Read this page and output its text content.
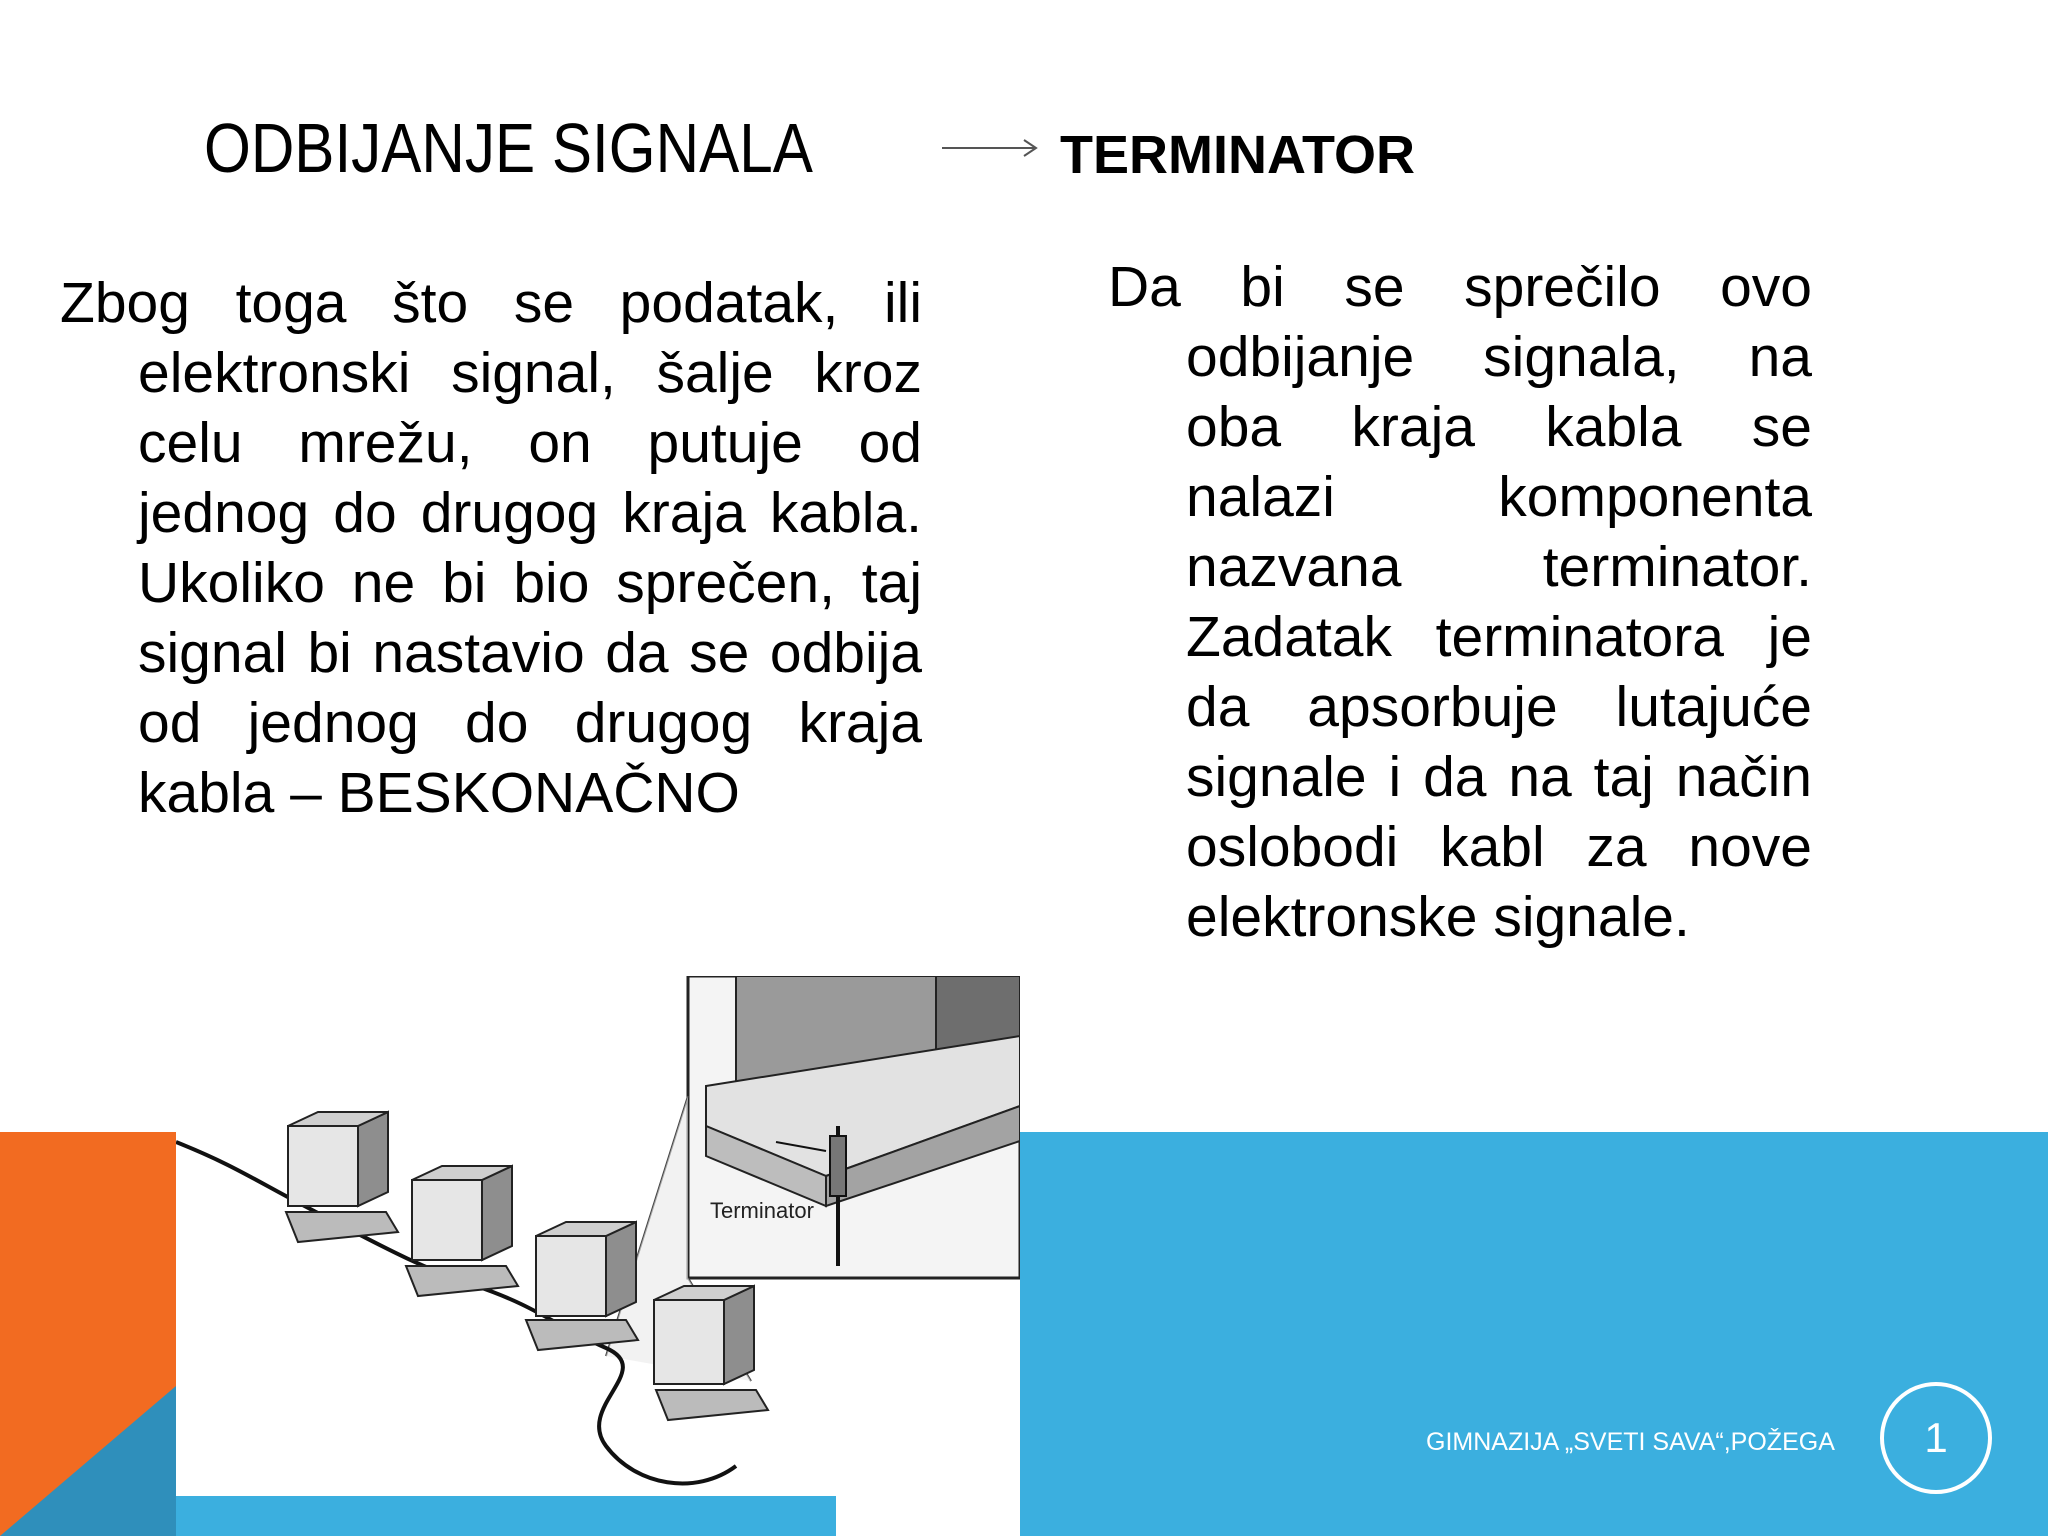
ODBIJANJE SIGNALA	TERMINATOR

Zbog toga što se podatak, ili elektronski signal, šalje kroz celu mrežu, on putuje od jednog do drugog kraja kabla. Ukoliko ne bi bio sprečen, taj signal bi nastavio da se odbija od jednog do drugog kraja kabla – BESKONAČNO

Da bi se sprečilo ovo odbijanje signala, na oba kraja kabla se nalazi komponenta nazvana terminator. Zadatak terminatora je da apsorbuje lutajuće signale i da na taj način oslobodi kabl za nove elektronske signale.

Terminator
GIMNAZIJA „SVETI SAVA“,POŽEGA 1
